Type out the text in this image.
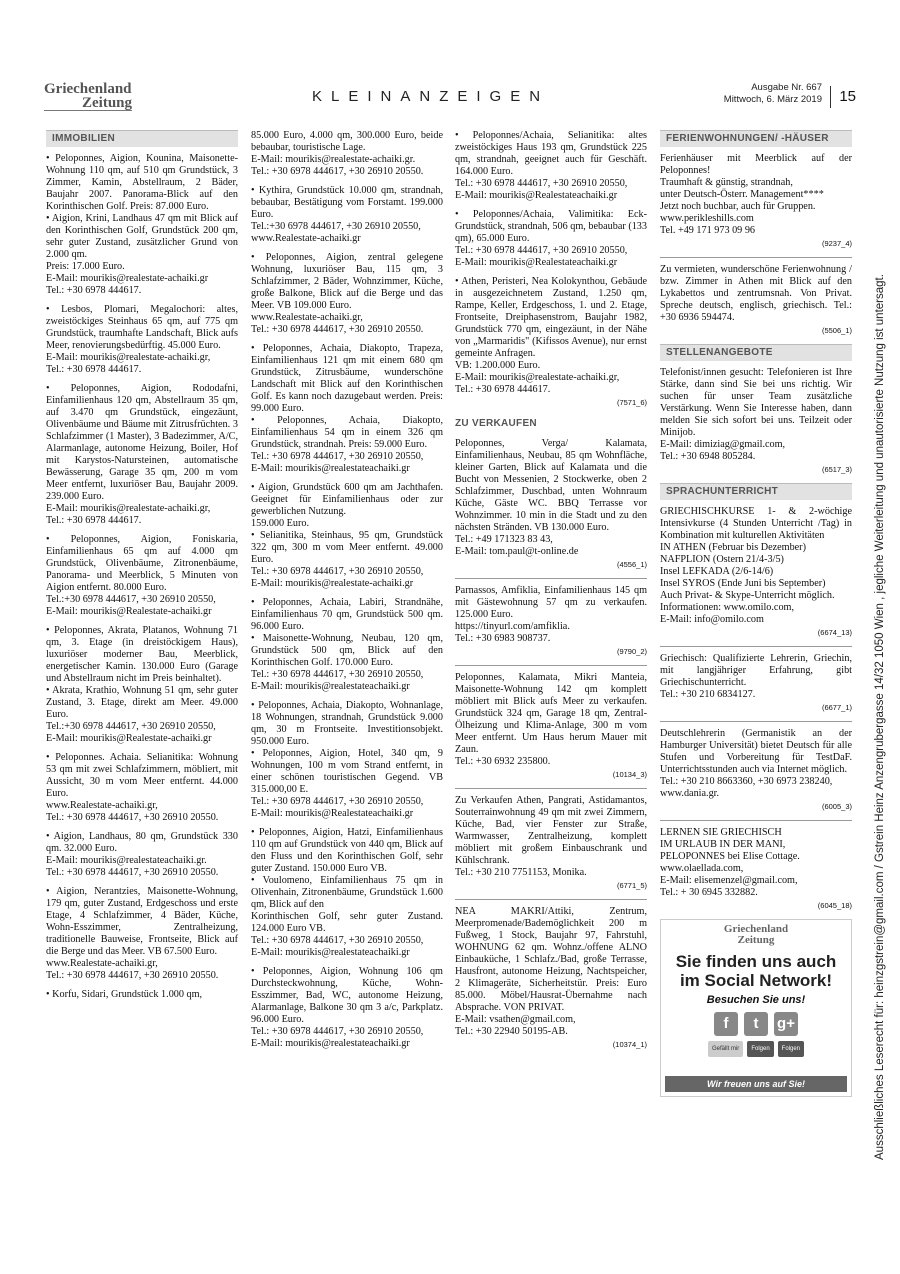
Griechenland
Zeitung	KLEINANZEIGEN
Ausgabe Nr. 667
Mittwoch, 6. März 2019	15
IMMOBILIEN
• Peloponnes, Aigion, Kounina, Maisonette-Wohnung 110 qm, auf 510 qm Grundstück, 3 Zimmer, Kamin, Abstellraum, 2 Bäder, Baujahr 2007. Panorama-Blick auf den Korinthischen Golf. Preis: 87.000 Euro.
• Aigion, Krini, Landhaus 47 qm mit Blick auf den Korinthischen Golf, Grundstück 200 qm, sehr guter Zustand, zusätzlicher Grund von 2.000 qm.
Preis: 17.000 Euro.
E-Mail: mourikis@realestate-achaiki.gr
Tel.: +30 6978 444617.
• Lesbos, Plomari, Megalochori: altes, zweistöckiges Steinhaus 65 qm, auf 775 qm Grundstück, traumhafte Landschaft, Blick aufs Meer, renovierungsbedürftig. 45.000 Euro.
E-Mail: mourikis@realestate-achaiki.gr,
Tel.: +30 6978 444617.
• Peloponnes, Aigion, Rododafni, Einfamilienhaus 120 qm, Abstellraum 35 qm, auf 3.470 qm Grundstück, eingezäunt, Olivenbäume und Bäume mit Zitrusfrüchten. 3 Schlafzimmer (1 Master), 3 Badezimmer, A/C, Alarmanlage, autonome Heizung, Boiler, Hof mit Karystos-Natursteinen, automatische Bewässerung, Garage 35 qm, 200 m vom Meer entfernt, luxuriöser Bau, Baujahr 2009. 239.000 Euro.
E-Mail: mourikis@realestate-achaiki.gr,
Tel.: +30 6978 444617.
• Peloponnes, Aigion, Foniskaria, Einfamilienhaus 65 qm auf 4.000 qm Grundstück, Olivenbäume, Zitronenbäume, Panorama- und Meerblick, 5 Minuten von Aigion entfernt. 80.000 Euro.
Tel.:+30 6978 444617, +30 26910 20550,
E-Mail: mourikis@Realestate-achaiki.gr
• Peloponnes, Akrata, Platanos, Wohnung 71 qm, 3. Etage (in dreistöckigem Haus), luxuriöser moderner Bau, Meerblick, energetischer Kamin. 130.000 Euro (Garage und Abstellraum nicht im Preis beinhaltet).
• Akrata, Krathio, Wohnung 51 qm, sehr guter Zustand, 3. Etage, direkt am Meer. 49.000 Euro.
Tel.:+30 6978 444617, +30 26910 20550,
E-Mail: mourikis@Realestate-achaiki.gr
• Peloponnes. Achaia. Selianitika: Wohnung 53 qm mit zwei Schlafzimmern, möbliert, mit Aussicht, 30 m vom Meer entfernt. 44.000 Euro.
www.Realestate-achaiki.gr,
Tel.: +30 6978 444617, +30 26910 20550.
• Aigion, Landhaus, 80 qm, Grundstück 330 qm. 32.000 Euro.
E-Mail: mourikis@realestateachaiki.gr.
Tel.: +30 6978 444617, +30 26910 20550.
• Aigion, Nerantzies, Maisonette-Wohnung, 179 qm, guter Zustand, Erdgeschoss und erste Etage, 4 Schlafzimmer, 4 Bäder, Küche, Wohn-Esszimmer, Zentralheizung, traditionelle Bauweise, Frontseite, Blick auf die Berge und das Meer. VB 67.500 Euro.
www.Realestate-achaiki.gr,
Tel.: +30 6978 444617, +30 26910 20550.
• Korfu, Sidari, Grundstück 1.000 qm,
85.000 Euro, 4.000 qm, 300.000 Euro, beide bebaubar, touristische Lage.
E-Mail: mourikis@realestate-achaiki.gr.
Tel.: +30 6978 444617, +30 26910 20550.
• Kythira, Grundstück 10.000 qm, strandnah, bebaubar, Bestätigung vom Forstamt. 199.000 Euro.
Tel.:+30 6978 444617, +30 26910 20550,
www.Realestate-achaiki.gr
• Peloponnes, Aigion, zentral gelegene Wohnung, luxuriöser Bau, 115 qm, 3 Schlafzimmer, 2 Bäder, Wohnzimmer, Küche, große Balkone, Blick auf die Berge und das Meer. VB 109.000 Euro.
www.Realestate-achaiki.gr,
Tel.: +30 6978 444617, +30 26910 20550.
• Peloponnes, Achaia, Diakopto, Trapeza, Einfamilienhaus 121 qm mit einem 680 qm Grundstück, Zitrusbäume, wunderschöne Landschaft mit Blick auf den Korinthischen Golf. Es kann noch dazugebaut werden. Preis: 99.000 Euro.
• Peloponnes, Achaia, Diakopto, Einfamilienhaus 54 qm in einem 326 qm Grundstück, strandnah. Preis: 59.000 Euro.
Tel.: +30 6978 444617, +30 26910 20550,
E-Mail: mourikis@realestateachaiki.gr
• Aigion, Grundstück 600 qm am Jachthafen. Geeignet für Einfamilienhaus oder zur gewerblichen Nutzung.
159.000 Euro.
• Selianitika, Steinhaus, 95 qm, Grundstück 322 qm, 300 m vom Meer entfernt. 49.000 Euro.
Tel.: +30 6978 444617, +30 26910 20550,
E-Mail: mourikis@realestate-achaiki.gr
• Peloponnes, Achaia, Labiri, Strandnähe, Einfamilienhaus 70 qm, Grundstück 500 qm. 96.000 Euro.
• Maisonette-Wohnung, Neubau, 120 qm, Grundstück 500 qm, Blick auf den Korinthischen Golf. 170.000 Euro.
Tel.: +30 6978 444617, +30 26910 20550,
E-Mail: mourikis@realestateachaiki.gr
• Peloponnes, Achaia, Diakopto, Wohnanlage, 18 Wohnungen, strandnah, Grundstück 9.000 qm, 30 m Frontseite. Investitionsobjekt. 950.000 Euro.
• Peloponnes, Aigion, Hotel, 340 qm, 9 Wohnungen, 100 m vom Strand entfernt, in einer schönen touristischen Gegend. VB 315.000,00 E.
Tel.: +30 6978 444617, +30 26910 20550,
E-Mail: mourikis@Realestateachaiki.gr
• Peloponnes, Aigion, Hatzi, Einfamilienhaus 110 qm auf Grundstück von 440 qm, Blick auf den Fluss und den Korinthischen Golf, sehr guter Zustand. 150.000 Euro VB.
• Voulomeno, Einfamilienhaus 75 qm in Olivenhain, Zitronenbäume, Grundstück 1.600 qm, Blick auf den
Korinthischen Golf, sehr guter Zustand. 124.000 Euro VB.
Tel.: +30 6978 444617, +30 26910 20550,
E-Mail: mourikis@realestateachaiki.gr
• Peloponnes, Aigion, Wohnung 106 qm Durchsteckwohnung, Küche, Wohn-Esszimmer, Bad, WC, autonome Heizung, Alarmanlage, Balkone 30 qm 3 a/c, Parkplatz. 96.000 Euro.
Tel.: +30 6978 444617, +30 26910 20550,
E-Mail: mourikis@realestateachaiki.gr
• Peloponnes/Achaia, Selianitika: altes zweistöckiges Haus 193 qm, Grundstück 225 qm, strandnah, geeignet auch für Geschäft. 164.000 Euro.
Tel.: +30 6978 444617, +30 26910 20550,
E-Mail: mourikis@Realestateachaiki.gr
• Peloponnes/Achaia, Valimitika: Eck-Grundstück, strandnah, 506 qm, bebaubar (133 qm), 65.000 Euro.
Tel.: +30 6978 444617, +30 26910 20550,
E-Mail: mourikis@Realestateachaiki.gr
• Athen, Peristeri, Nea Kolokynthou, Gebäude in ausgezeichnetem Zustand, 1.250 qm, Rampe, Keller, Erdgeschoss, 1. und 2. Etage, Frontseite, Dreiphasenstrom, Baujahr 1982, Grundstück 770 qm, eingezäunt, in der Nähe von „Marmaridis" (Kifissos Avenue), nur ernst gemeinte Anfragen.
VB: 1.200.000 Euro.
E-Mail: mourikis@realestate-achaiki.gr,
Tel.: +30 6978 444617.
(7571_6)
ZU VERKAUFEN
Peloponnes, Verga/ Kalamata, Einfamilienhaus, Neubau, 85 qm Wohnfläche, kleiner Garten, Blick auf Kalamata und die Bucht von Messenien, 2 Stockwerke, oben 2 Schlafzimmer, Duschbad, unten Wohnraum Küche, Gäste WC. BBQ Terrasse vor Wohnzimmer. 10 min in die Stadt und zu den nächsten Stränden. VB 130.000 Euro.
Tel.: +49 171323 83 43,
E-Mail: tom.paul@t-online.de
(4556_1)
Parnassos, Amfiklia, Einfamilienhaus 145 qm mit Gästewohnung 57 qm zu verkaufen. 125.000 Euro.
https://tinyurl.com/amfiklia.
Tel.: +30 6983 908737.
(9790_2)
Peloponnes, Kalamata, Mikri Manteia, Maisonette-Wohnung 142 qm komplett möbliert mit Blick aufs Meer zu verkaufen. Grundstück 324 qm, Garage 18 qm, Zentral-Ölheizung und Klima-Anlage, 300 m vom Meer entfernt. Um Haus herum Mauer mit Zaun.
Tel.: +30 6932 235800.
(10134_3)
Zu Verkaufen Athen, Pangrati, Astidamantos, Souterrainwohnung 49 qm mit zwei Zimmern, Küche, Bad, vier Fenster zur Straße, Warmwasser, Zentralheizung, komplett möbliert mit großem Einbauschrank und Kühlschrank.
Tel.: +30 210 7751153, Monika.
(6771_5)
NEA MAKRI/Attiki, Zentrum, Meerpromenade/Bademöglichkeit 200 m Fußweg, 1 Stock, Baujahr 97, Fahrstuhl, WOHNUNG 62 qm. Wohnz./offene ALNO Einbauküche, 1 Schlafz./Bad, große Terrasse, Hausfront, autonome Heizung, Nachtspeicher, 2 Klimageräte, Sicherheitstür. Preis: Euro 85.000. Möbel/Hausrat-Übernahme nach Absprache. VON PRIVAT.
E-Mail: vsathen@gmail.com,
Tel.: +30 22940 50195-AB.
(10374_1)
FERIENWOHNUNGEN/ -HÄUSER
Ferienhäuser mit Meerblick auf der Peloponnes!
Traumhaft & günstig, strandnah,
unter Deutsch-Österr. Management****
Jetzt noch buchbar, auch für Gruppen.
www.perikleshills.com
Tel. +49 171 973 09 96
(9237_4)
Zu vermieten, wunderschöne Ferienwohnung / bzw. Zimmer in Athen mit Blick auf den Lykabettos und zentrumsnah. Von Privat. Spreche deutsch, englisch, griechisch. Tel.: +30 6936 594474.
(5506_1)
STELLENANGEBOTE
Telefonist/innen gesucht: Telefonieren ist Ihre Stärke, dann sind Sie bei uns richtig. Wir suchen für unser Team zusätzliche Verstärkung. Wenn Sie Interesse haben, dann melden Sie sich sofort bei uns. Teilzeit oder Minijob.
E-Mail: dimiziag@gmail.com,
Tel.: +30 6948 805284.
(6517_3)
SPRACHUNTERRICHT
GRIECHISCHKURSE 1- & 2-wöchige Intensivkurse (4 Stunden Unterricht /Tag) in Kombination mit kulturellen Aktivitäten
IN ATHEN (Februar bis Dezember)
NAFPLION (Ostern 21/4-3/5)
Insel LEFKADA (2/6-14/6)
Insel SYROS (Ende Juni bis September)
Auch Privat- & Skype-Unterricht möglich.
Informationen: www.omilo.com,
E-Mail: info@omilo.com
(6674_13)
Griechisch: Qualifizierte Lehrerin, Griechin, mit langjähriger Erfahrung, gibt Griechischunterricht.
Tel.: +30 210 6834127.
(6677_1)
Deutschlehrerin (Germanistik an der Hamburger Universität) bietet Deutsch für alle Stufen und Vorbereitung für TestDaF. Unterrichtsstunden auch via Internet möglich.
Tel.: +30 210 8663360, +30 6973 238240,
www.dania.gr.
(6005_3)
LERNEN SIE GRIECHISCH
IM URLAUB IN DER MANI,
PELOPONNES bei Elise Cottage.
www.olaellada.com,
E-Mail: elisemenzel@gmail.com,
Tel.: + 30 6945 332882.
(6045_18)
Griechenland
Zeitung
Sie finden uns auch
im Social Network!
Besuchen Sie uns!
f	t	g+
Gefällt mir	Folgen	Folgen
Wir freuen uns auf Sie!	Ausschließliches Leserecht für: heinzgstrein@gmail.com / Gstrein Heinz Anzengrubergasse 14/32 1050 Wien , jegliche Weiterleitung und unautorisierte Nutzung ist untersagt.
